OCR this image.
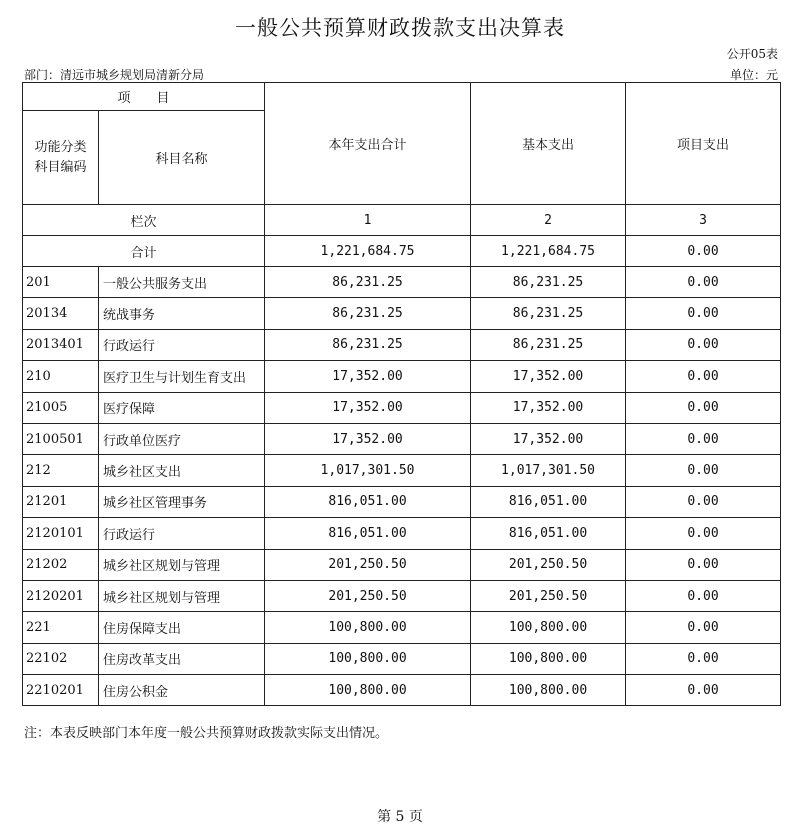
一般公共预算财政拨款支出决算表
公开05表
部门：清远市城乡规划局清新分局	单位：元
项　　目		本年支出合计	基本支出	项目支出
功能分类
科目编码	科目名称			
栏次		1	2	3
合计		1,221,684.75	1,221,684.75	0.00
201	一般公共服务支出	86,231.25	86,231.25	0.00
20134	统战事务	86,231.25	86,231.25	0.00
2013401	行政运行	86,231.25	86,231.25	0.00
210	医疗卫生与计划生育支出	17,352.00	17,352.00	0.00
21005	医疗保障	17,352.00	17,352.00	0.00
2100501	行政单位医疗	17,352.00	17,352.00	0.00
212	城乡社区支出	1,017,301.50	1,017,301.50	0.00
21201	城乡社区管理事务	816,051.00	816,051.00	0.00
2120101	行政运行	816,051.00	816,051.00	0.00
21202	城乡社区规划与管理	201,250.50	201,250.50	0.00
2120201	城乡社区规划与管理	201,250.50	201,250.50	0.00
221	住房保障支出	100,800.00	100,800.00	0.00
22102	住房改革支出	100,800.00	100,800.00	0.00
2210201	住房公积金	100,800.00	100,800.00	0.00
注：本表反映部门本年度一般公共预算财政拨款实际支出情况。
第 5 页
